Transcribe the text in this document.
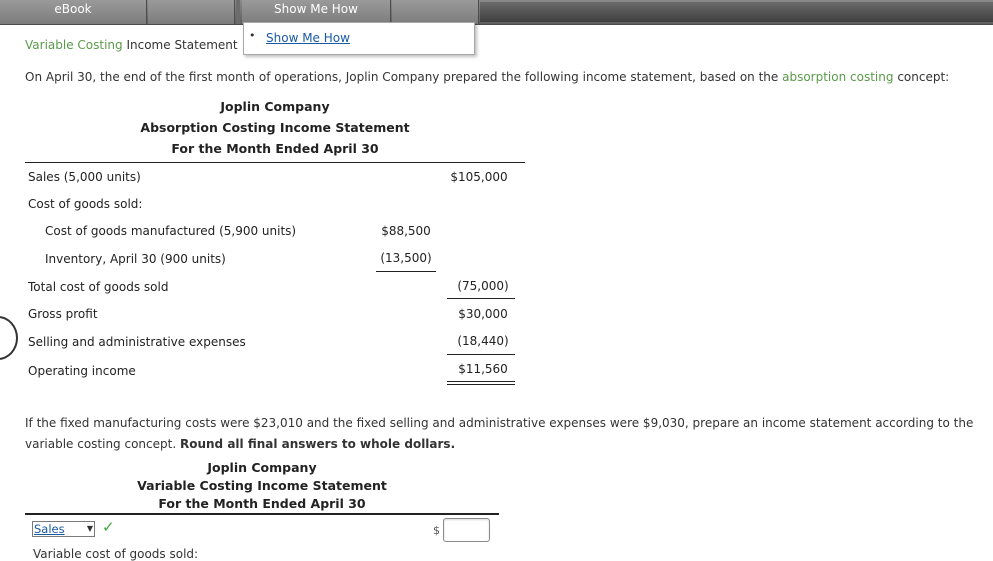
eBook	Show Me How
• Show Me How
Variable Costing Income Statement
On April 30, the end of the first month of operations, Joplin Company prepared the following income statement, based on the absorption costing concept:
Joplin Company
Absorption Costing Income Statement
For the Month Ended April 30
Sales (5,000 units)	$105,000
Cost of goods sold:
Cost of goods manufactured (5,900 units)	$88,500
Inventory, April 30 (900 units)	(13,500)
Total cost of goods sold	(75,000)
Gross profit	$30,000
Selling and administrative expenses	(18,440)
Operating income	$11,560
If the fixed manufacturing costs were $23,010 and the fixed selling and administrative expenses were $9,030, prepare an income statement according to the variable costing concept. Round all final answers to whole dollars.
Joplin Company
Variable Costing Income Statement
For the Month Ended April 30
Sales	▼ ✓	$
Variable cost of goods sold:
